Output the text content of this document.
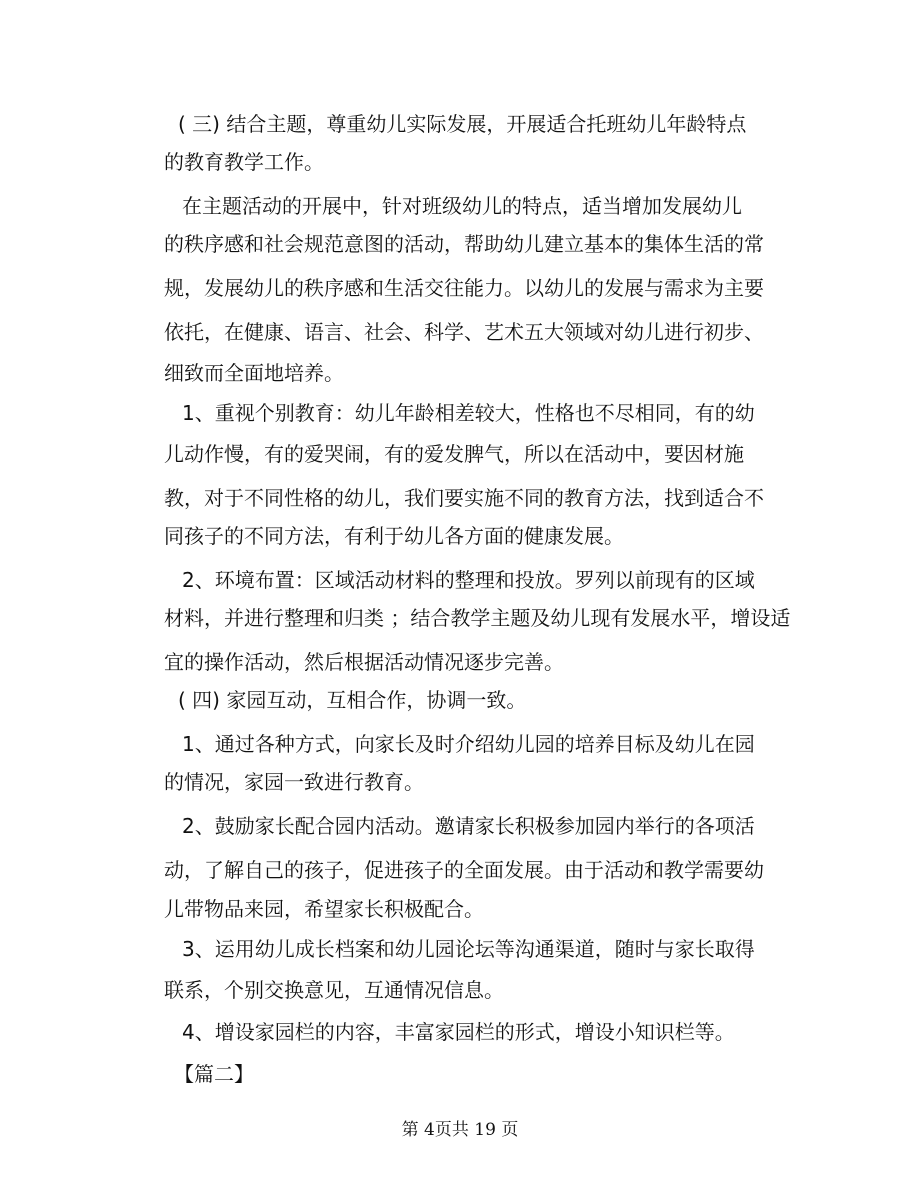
( 三) 结合主题，尊重幼儿实际发展，开展适合托班幼儿年龄特点
的教育教学工作。
在主题活动的开展中，针对班级幼儿的特点，适当增加发展幼儿
的秩序感和社会规范意图的活动，帮助幼儿建立基本的集体生活的常
规，发展幼儿的秩序感和生活交往能力。以幼儿的发展与需求为主要
依托，在健康、语言、社会、科学、艺术五大领域对幼儿进行初步、
细致而全面地培养。
1、重视个别教育：幼儿年龄相差较大，性格也不尽相同，有的幼
儿动作慢，有的爱哭闹，有的爱发脾气，所以在活动中，要因材施
教，对于不同性格的幼儿，我们要实施不同的教育方法，找到适合不
同孩子的不同方法，有利于幼儿各方面的健康发展。
2、环境布置：区域活动材料的整理和投放。罗列以前现有的区域
材料，并进行整理和归类 ；结合教学主题及幼儿现有发展水平，增设适
宜的操作活动，然后根据活动情况逐步完善。
( 四) 家园互动，互相合作，协调一致。
1、通过各种方式，向家长及时介绍幼儿园的培养目标及幼儿在园
的情况，家园一致进行教育。
2、鼓励家长配合园内活动。邀请家长积极参加园内举行的各项活
动，了解自己的孩子，促进孩子的全面发展。由于活动和教学需要幼
儿带物品来园，希望家长积极配合。
3、运用幼儿成长档案和幼儿园论坛等沟通渠道，随时与家长取得
联系，个别交换意见，互通情况信息。
4、增设家园栏的内容，丰富家园栏的形式，增设小知识栏等。
【篇二】
第 4页共 19 页
